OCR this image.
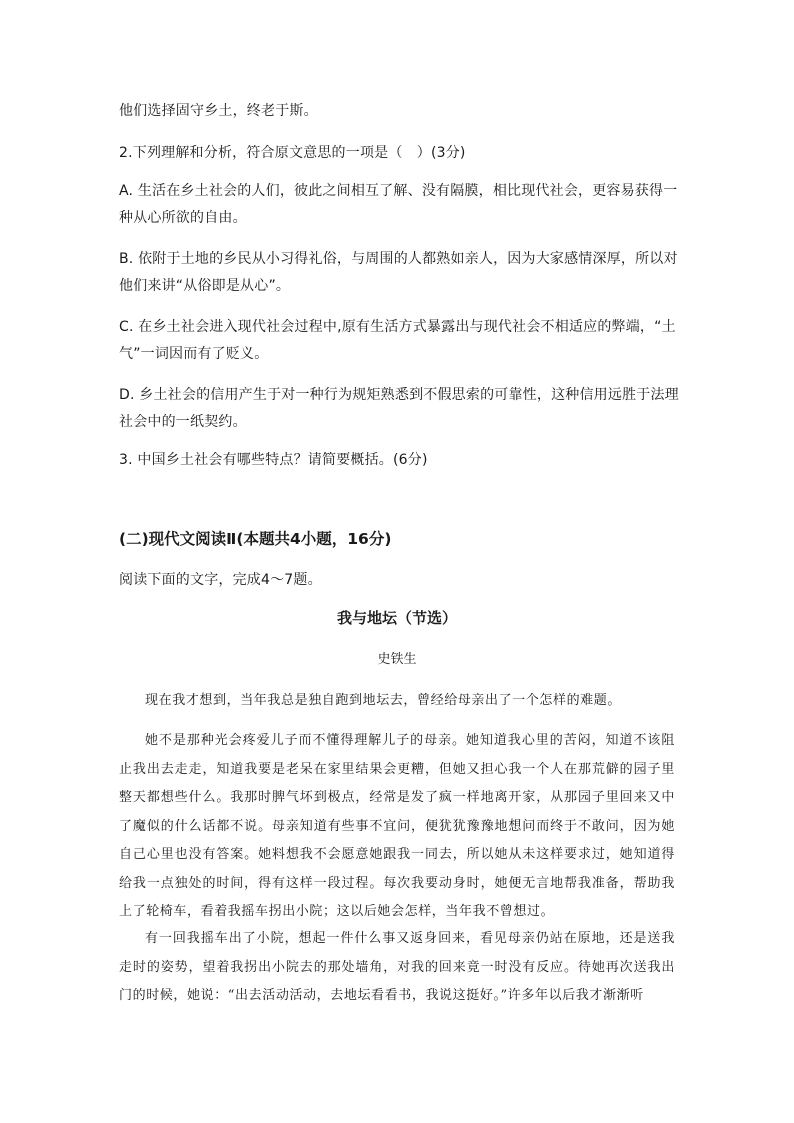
他们选择固守乡土，终老于斯。
2.下列理解和分析，符合原文意思的一项是（　）(3分)
A. 生活在乡土社会的人们，彼此之间相互了解、没有隔膜，相比现代社会，更容易获得一
种从心所欲的自由。
B. 依附于土地的乡民从小习得礼俗，与周围的人都熟如亲人，因为大家感情深厚，所以对
他们来讲“从俗即是从心”。
C. 在乡土社会进入现代社会过程中,原有生活方式暴露出与现代社会不相适应的弊端，“土
气”一词因而有了贬义。
D. 乡土社会的信用产生于对一种行为规矩熟悉到不假思索的可靠性，这种信用远胜于法理
社会中的一纸契约。
3. 中国乡土社会有哪些特点？请简要概括。(6分)
(二)现代文阅读Ⅱ(本题共4小题，16分)
阅读下面的文字，完成4～7题。
我与地坛（节选）
史铁生
现在我才想到，当年我总是独自跑到地坛去，曾经给母亲出了一个怎样的难题。
她不是那种光会疼爱儿子而不懂得理解儿子的母亲。她知道我心里的苦闷，知道不该阻止我出去走走，知道我要是老呆在家里结果会更糟，但她又担心我一个人在那荒僻的园子里整天都想些什么。我那时脾气坏到极点，经常是发了疯一样地离开家，从那园子里回来又中了魔似的什么话都不说。母亲知道有些事不宜问，便犹犹豫豫地想问而终于不敢问，因为她自己心里也没有答案。她料想我不会愿意她跟我一同去，所以她从未这样要求过，她知道得给我一点独处的时间，得有这样一段过程。每次我要动身时，她便无言地帮我准备，帮助我上了轮椅车，看着我摇车拐出小院；这以后她会怎样，当年我不曾想过。
有一回我摇车出了小院，想起一件什么事又返身回来，看见母亲仍站在原地，还是送我走时的姿势，望着我拐出小院去的那处墙角，对我的回来竟一时没有反应。待她再次送我出门的时候，她说：“出去活动活动，去地坛看看书，我说这挺好。”许多年以后我才渐渐听
